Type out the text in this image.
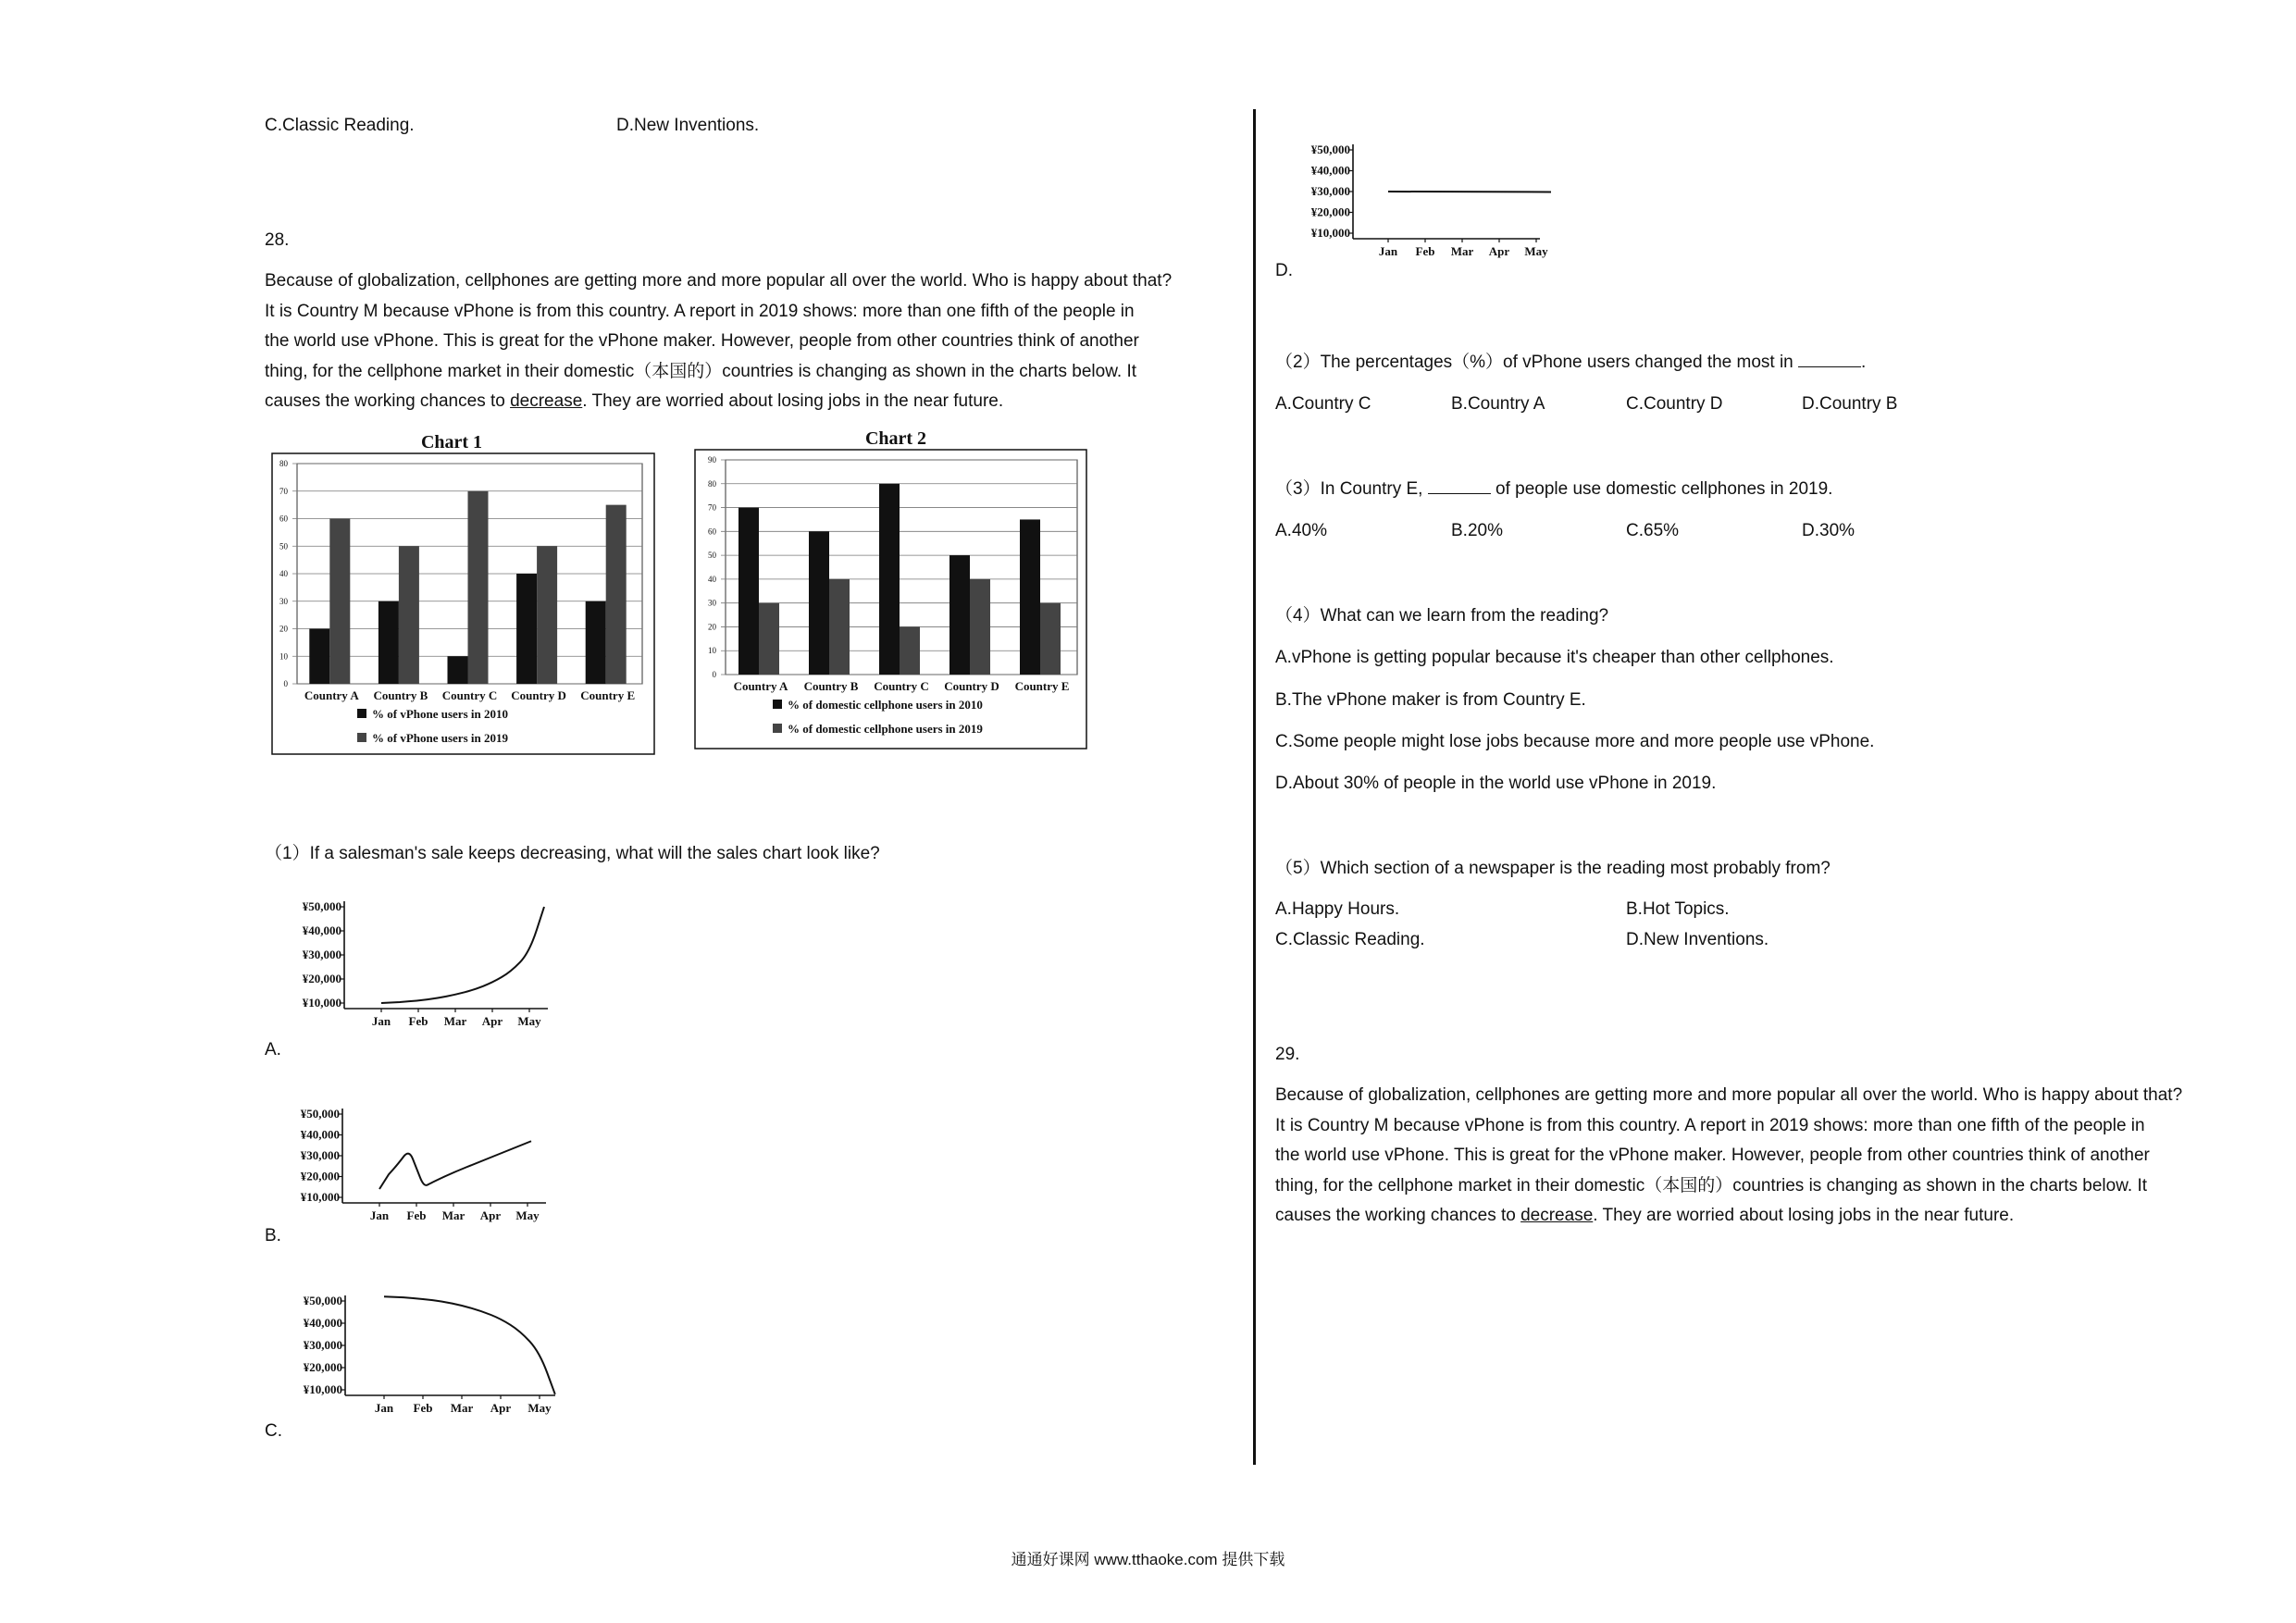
C.Classic Reading.	D.New Inventions.
28.
Because of globalization, cellphones are getting more and more popular all over the world. Who is happy about that?
It is Country M because vPhone is from this country. A report in 2019 shows: more than one fifth of the people in
the world use vPhone. This is great for the vPhone maker. However, people from other countries think of another
thing, for the cellphone market in their domestic（本国的）countries is changing as shown in the charts below. It
causes the working chances to decrease. They are worried about losing jobs in the near future.
Chart 1
0
10
20
30
40
50
60
70
80
Country A Country B Country C Country D Country E
% of vPhone users in 2010
% of vPhone users in 2019
Chart 2
0
10
20
30
40
50
60
70
80
90
Country A Country B Country C Country D Country E
% of domestic cellphone users in 2010
% of domestic cellphone users in 2019
（1）If a salesman's sale keeps decreasing, what will the sales chart look like?
¥10,000
¥20,000
¥30,000
¥40,000
¥50,000
Jan Feb Mar Apr May
A.
¥10,000
¥20,000
¥30,000
¥40,000
¥50,000
Jan Feb Mar Apr May
B.
¥10,000
¥20,000
¥30,000
¥40,000
¥50,000
Jan Feb Mar Apr May
C.
¥10,000
¥20,000
¥30,000
¥40,000
¥50,000
Jan Feb Mar Apr May
D.
（2）The percentages（%）of vPhone users changed the most in	.
A.Country C	B.Country A	C.Country D	D.Country B
（3）In Country E,	of people use domestic cellphones in 2019.
A.40%	B.20%	C.65%	D.30%
（4）What can we learn from the reading?
A.vPhone is getting popular because it's cheaper than other cellphones.
B.The vPhone maker is from Country E.
C.Some people might lose jobs because more and more people use vPhone.
D.About 30% of people in the world use vPhone in 2019.
（5）Which section of a newspaper is the reading most probably from?
A.Happy Hours.	B.Hot Topics.
C.Classic Reading.	D.New Inventions.
29.
Because of globalization, cellphones are getting more and more popular all over the world. Who is happy about that?
It is Country M because vPhone is from this country. A report in 2019 shows: more than one fifth of the people in
the world use vPhone. This is great for the vPhone maker. However, people from other countries think of another
thing, for the cellphone market in their domestic（本国的）countries is changing as shown in the charts below. It
causes the working chances to decrease. They are worried about losing jobs in the near future.
通通好课网 www.tthaoke.com 提供下载
